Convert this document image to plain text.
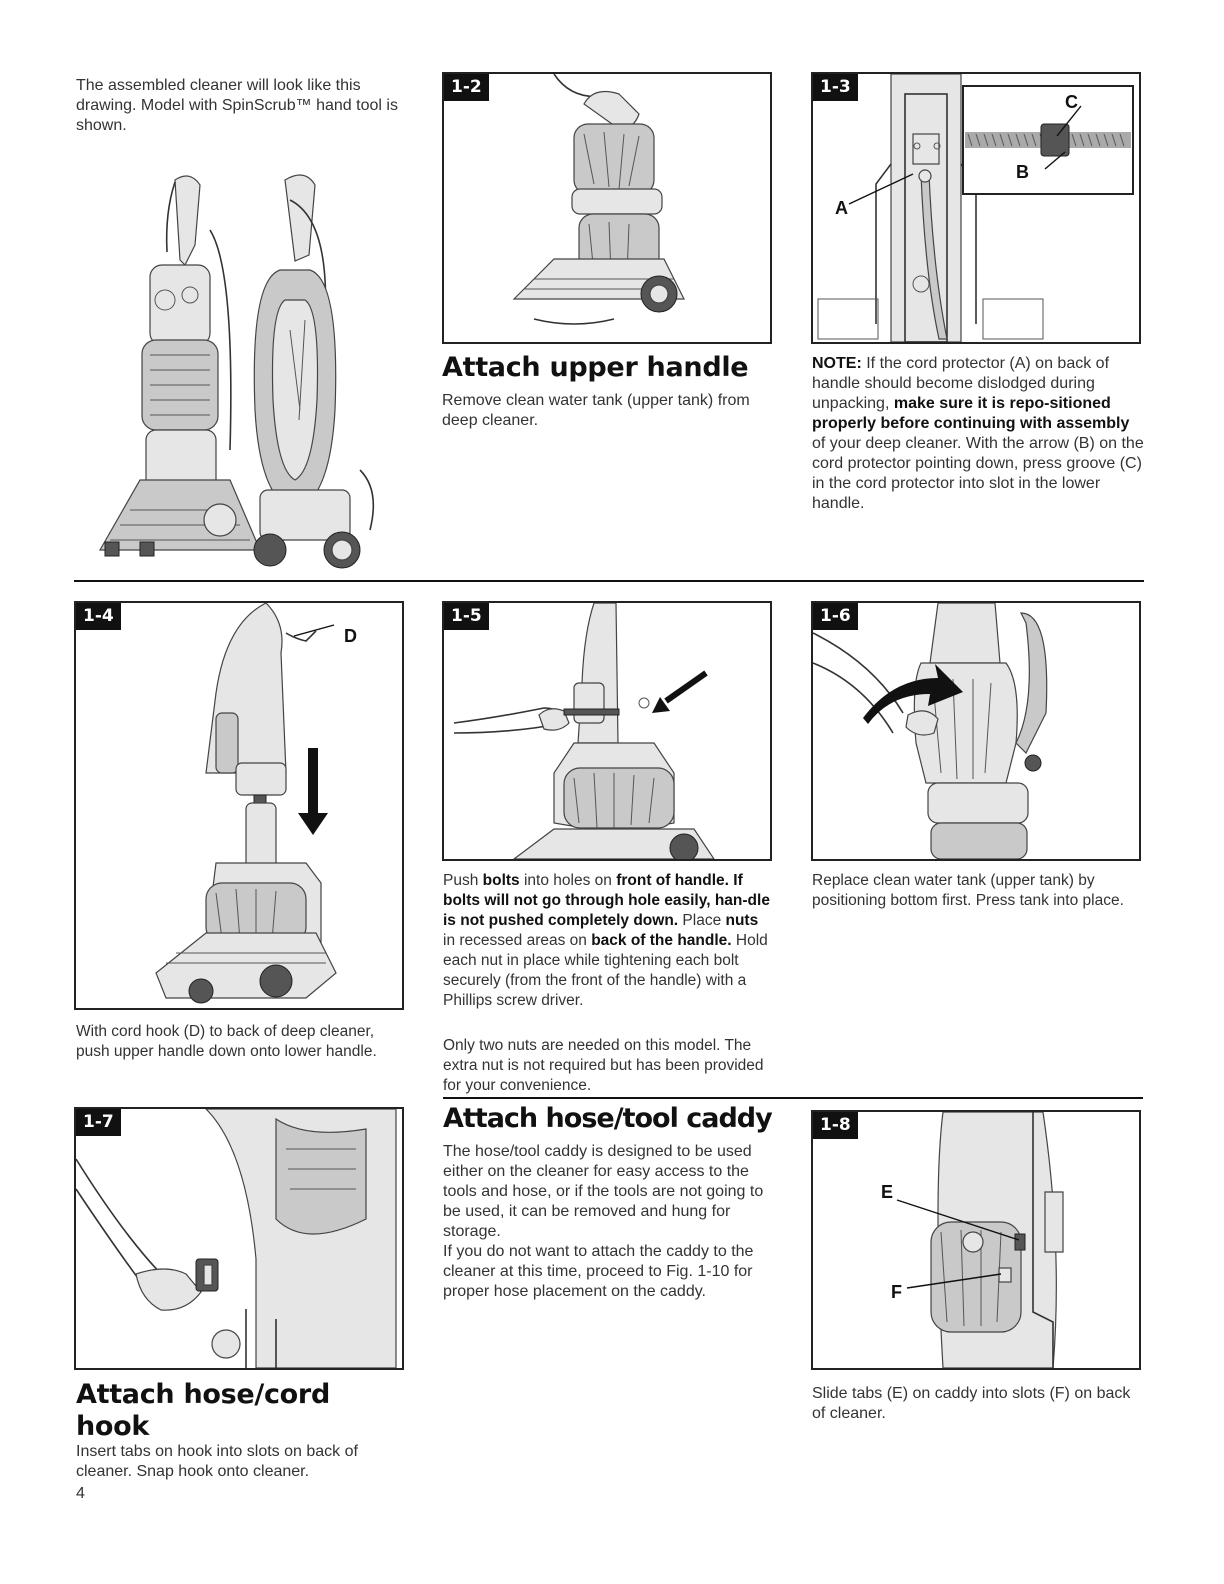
The assembled cleaner will look like this drawing. Model with SpinScrub™ hand tool is shown.

1-2
Attach upper handle

Remove clean water tank (upper tank) from deep cleaner.

1-3
C
B
A

NOTE: If the cord protector (A) on back of handle should become dislodged during unpacking, make sure it is repo-sitioned properly before continuing with assembly of your deep cleaner. With the arrow (B) on the cord protector pointing down, press groove (C) in the cord protector into slot in the lower handle.

1-4
D

With cord hook (D) to back of deep cleaner, push upper handle down onto lower handle.

1-5

Push bolts into holes on front of handle. If bolts will not go through hole easily, han-dle is not pushed completely down. Place nuts in recessed areas on back of the handle. Hold each nut in place while tightening each bolt securely (from the front of the handle) with a Phillips screw driver.

Only two nuts are needed on this model. The extra nut is not required but has been provided for your convenience.

1-6

Replace clean water tank (upper tank) by positioning bottom first. Press tank into place.

1-7
Attach hose/cord hook

Insert tabs on hook into slots on back of cleaner. Snap hook onto cleaner.

4

Attach hose/tool caddy

The hose/tool caddy is designed to be used either on the cleaner for easy access to the tools and hose, or if the tools are not going to be used, it can be removed and hung for storage.

If you do not want to attach the caddy to the cleaner at this time, proceed to Fig. 1-10 for proper hose placement on the caddy.

1-8
E
F

Slide tabs (E) on caddy into slots (F) on back of cleaner.
